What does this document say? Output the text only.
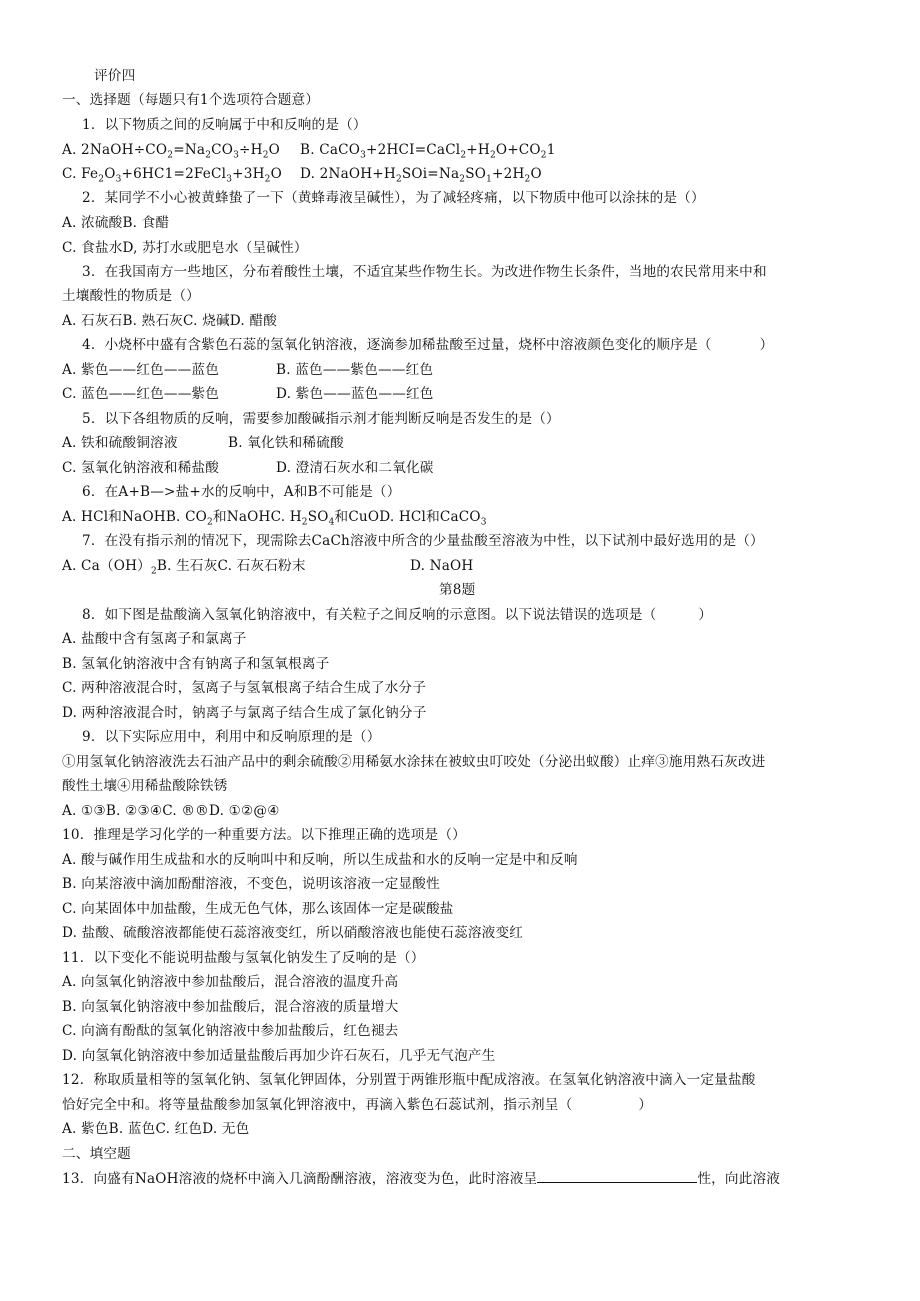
评价四
一、选择题（每题只有1个选项符合题意）
1．以下物质之间的反响属于中和反响的是（）
A. $2NaOH\div CO_2=Na_2CO_3\div H_2O$ B. $CaCO_3+2HCI=CaCl_2+H_2O+CO_21$
C. $Fe_2O_3+6HC1=2FeCl_3+3H_2O$ D. $2NaOH+H_2SOi=Na_2SO_1+2H_2O$
2．某同学不小心被黄蜂蛰了一下（黄蜂毒液呈碱性），为了减轻疼痛，以下物质中他可以涂抹的是（）
A. 浓硫酸B. 食醋
C. 食盐水D, 苏打水或肥皂水（呈碱性）
3．在我国南方一些地区，分布着酸性土壤，不适宜某些作物生长。为改进作物生长条件，当地的农民常用来中和
土壤酸性的物质是（）
A. 石灰石B. 熟石灰C. 烧碱D. 醋酸
4．小烧杯中盛有含紫色石蕊的氢氧化钠溶液，逐滴参加稀盐酸至过量，烧杯中溶液颜色变化的顺序是（	）
A. 紫色——红色——蓝色	B. 蓝色——紫色——红色
C. 蓝色——红色——紫色	D. 紫色——蓝色——红色
5．以下各组物质的反响，需要参加酸碱指示剂才能判断反响是否发生的是（）
A. 铁和硫酸铜溶液	B. 氧化铁和稀硫酸
C. 氢氧化钠溶液和稀盐酸	D. 澄清石灰水和二氧化碳
6．在A+B—>盐+水的反响中，A和B不可能是（）
A. HCl和NaOHB. $CO_2$和NaOHC. $H_2SO_4$和CuOD. HCl和CaCO$_3$
7．在没有指示剂的情况下，现需除去CaCh溶液中所含的少量盐酸至溶液为中性，以下试剂中最好选用的是（）
A. $Ca(OH)_2B$. 生石灰C. 石灰石粉末	D. NaOH
第8题
8．如下图是盐酸滴入氢氧化钠溶液中，有关粒子之间反响的示意图。以下说法错误的选项是（	）
A. 盐酸中含有氢离子和氯离子
B. 氢氧化钠溶液中含有钠离子和氢氧根离子
C. 两种溶液混合时，氢离子与氢氧根离子结合生成了水分子
D. 两种溶液混合时，钠离子与氯离子结合生成了氯化钠分子
9．以下实际应用中，利用中和反响原理的是（）
①用氢氧化钠溶液洗去石油产品中的剩余硫酸②用稀氨水涂抹在被蚊虫叮咬处（分泌出蚁酸）止痒③施用熟石灰改进
酸性土壤④用稀盐酸除铁锈
A. ①③B. ②③④C. ®®D. ①②@④
10．推理是学习化学的一种重要方法。以下推理正确的选项是（）
A. 酸与碱作用生成盐和水的反响叫中和反响，所以生成盐和水的反响一定是中和反响
B. 向某溶液中滴加酚酣溶液，不变色，说明该溶液一定显酸性
C. 向某固体中加盐酸，生成无色气体，那么该固体一定是碳酸盐
D. 盐酸、硫酸溶液都能使石蕊溶液变红，所以硝酸溶液也能使石蕊溶液变红
11．以下变化不能说明盐酸与氢氧化钠发生了反响的是（）
A. 向氢氧化钠溶液中参加盐酸后，混合溶液的温度升高
B. 向氢氧化钠溶液中参加盐酸后，混合溶液的质量增大
C. 向滴有酚酞的氢氧化钠溶液中参加盐酸后，红色褪去
D. 向氢氧化钠溶液中参加适量盐酸后再加少许石灰石，几乎无气泡产生
12．称取质量相等的氢氧化钠、氢氧化钾固体，分别置于两锥形瓶中配成溶液。在氢氧化钠溶液中滴入一定量盐酸
恰好完全中和。将等量盐酸参加氢氧化钾溶液中，再滴入紫色石蕊试剂，指示剂呈（	）
A. 紫色B. 蓝色C. 红色D. 无色
二、填空题
13．向盛有NaOH溶液的烧杯中滴入几滴酚酬溶液，溶液变为色，此时溶液呈	性，向此溶液
